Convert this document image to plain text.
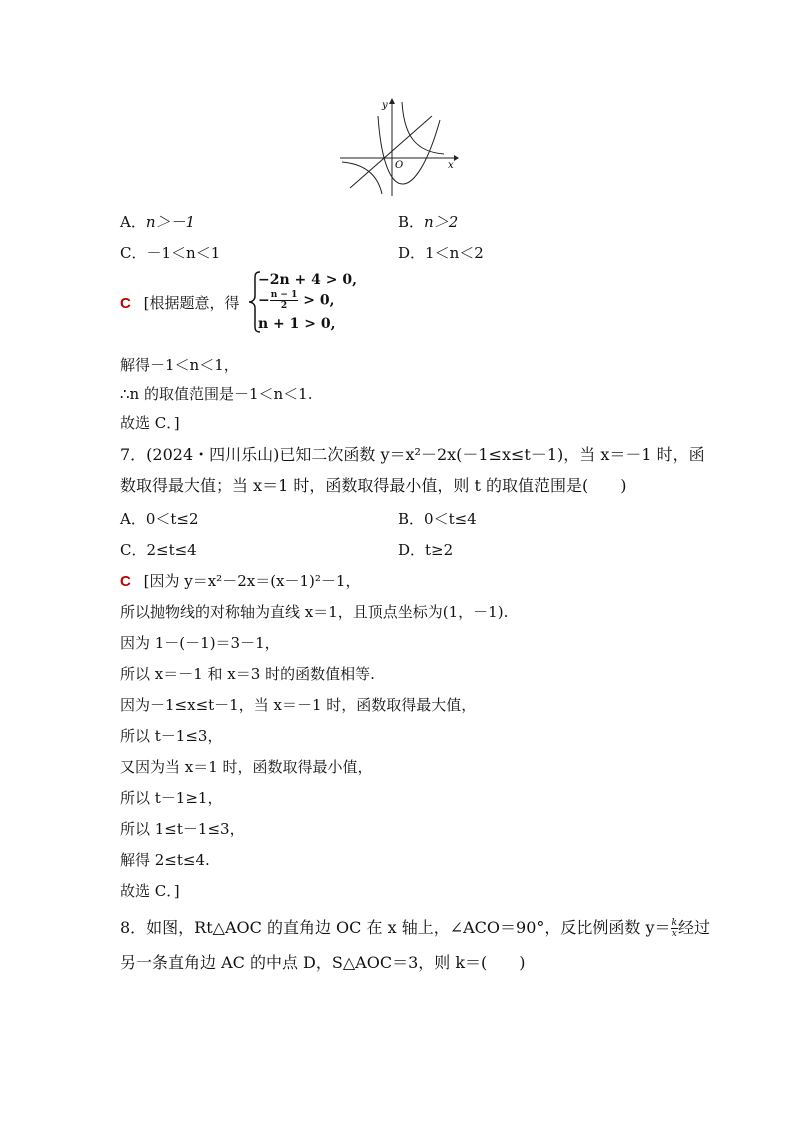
y
x
O
A．n＞－1	B．n＞2
C．－1＜n＜1	D．1＜n＜2
C [根据题意，得
−2n + 4 > 0,
− $\frac{n - 1}{2} > 0$,
n + 1 > 0,
解得－1＜n＜1，
∴n 的取值范围是－1＜n＜1.
故选 C．]
7．(2024・四川乐山)已知二次函数 y＝x²－2x(－1≤x≤t－1)，当 x＝－1 时，函
数取得最大值；当 x＝1 时，函数取得最小值，则 t 的取值范围是(　　)
A．0＜t≤2	B．0＜t≤4
C．2≤t≤4	D．t≥2
C [因为 y＝x²－2x＝(x－1)²－1，
所以抛物线的对称轴为直线 x＝1，且顶点坐标为(1，－1).
因为 1－(－1)＝3－1，
所以 x＝－1 和 x＝3 时的函数值相等.
因为－1≤x≤t－1，当 x＝－1 时，函数取得最大值，
所以 t－1≤3，
又因为当 x＝1 时，函数取得最小值，
所以 t－1≥1，
所以 1≤t－1≤3，
解得 2≤t≤4.
故选 C．]
8．如图，Rt△AOC 的直角边 OC 在 x 轴上，∠ACO＝90°，反比例函数 $y= \frac{k}{x}$ 经过
另一条直角边 AC 的中点 D，S△AOC＝3，则 k＝(　　)
